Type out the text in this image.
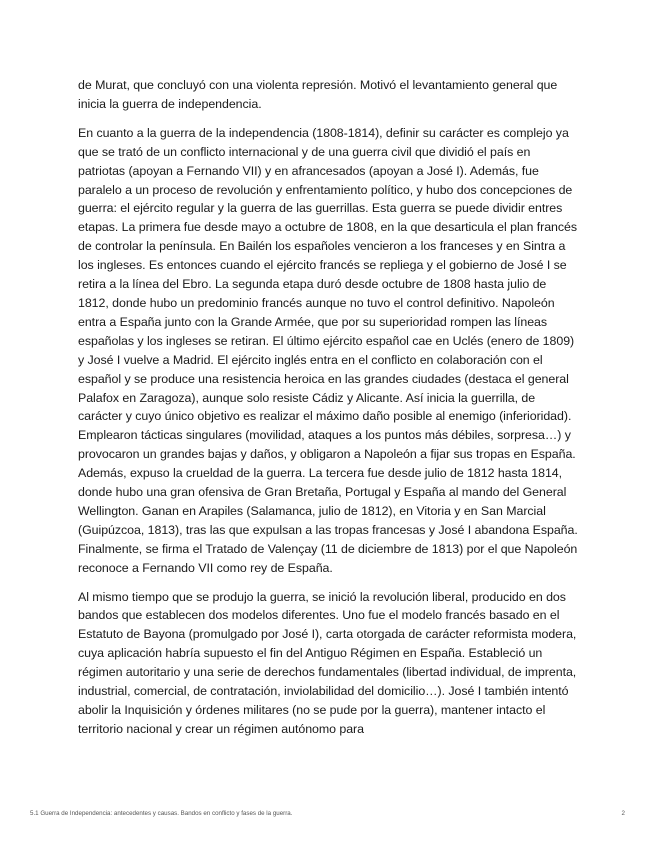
de Murat, que concluyó con una violenta represión. Motivó el levantamiento general que inicia la guerra de independencia.

En cuanto a la guerra de la independencia (1808-1814), definir su carácter es complejo ya que se trató de un conflicto internacional y de una guerra civil que dividió el país en patriotas (apoyan a Fernando VII) y en afrancesados (apoyan a José I). Además, fue paralelo a un proceso de revolución y enfrentamiento político, y hubo dos concepciones de guerra: el ejército regular y la guerra de las guerrillas. Esta guerra se puede dividir entres etapas. La primera fue desde mayo a octubre de 1808, en la que desarticula el plan francés de controlar la península. En Bailén los españoles vencieron a los franceses y en Sintra a los ingleses. Es entonces cuando el ejército francés se repliega y el gobierno de José I se retira a la línea del Ebro. La segunda etapa duró desde octubre de 1808 hasta julio de 1812, donde hubo un predominio francés aunque no tuvo el control definitivo. Napoleón entra a España junto con la Grande Armée, que por su superioridad rompen las líneas españolas y los ingleses se retiran. El último ejército español cae en Uclés (enero de 1809) y José I vuelve a Madrid. El ejército inglés entra en el conflicto en colaboración con el español y se produce una resistencia heroica en las grandes ciudades (destaca el general Palafox en Zaragoza), aunque solo resiste Cádiz y Alicante. Así inicia la guerrilla, de carácter y cuyo único objetivo es realizar el máximo daño posible al enemigo (inferioridad). Emplearon tácticas singulares (movilidad, ataques a los puntos más débiles, sorpresa…) y provocaron un grandes bajas y daños, y obligaron a Napoleón a fijar sus tropas en España. Además, expuso la crueldad de la guerra. La tercera fue desde julio de 1812 hasta 1814, donde hubo una gran ofensiva de Gran Bretaña, Portugal y España al mando del General Wellington. Ganan en Arapiles (Salamanca, julio de 1812), en Vitoria y en San Marcial (Guipúzcoa, 1813), tras las que expulsan a las tropas francesas y José I abandona España. Finalmente, se firma el Tratado de Valençay (11 de diciembre de 1813) por el que Napoleón reconoce a Fernando VII como rey de España.

Al mismo tiempo que se produjo la guerra, se inició la revolución liberal, producido en dos bandos que establecen dos modelos diferentes. Uno fue el modelo francés basado en el Estatuto de Bayona (promulgado por José I), carta otorgada de carácter reformista modera, cuya aplicación habría supuesto el fin del Antiguo Régimen en España. Estableció un régimen autoritario y una serie de derechos fundamentales (libertad individual, de imprenta, industrial, comercial, de contratación, inviolabilidad del domicilio…). José I también intentó abolir la Inquisición y órdenes militares (no se pude por la guerra), mantener intacto el territorio nacional y crear un régimen autónomo para

5.1 Guerra de Independencia: antecedentes y causas. Bandos en conflicto y fases de la guerra.	2
